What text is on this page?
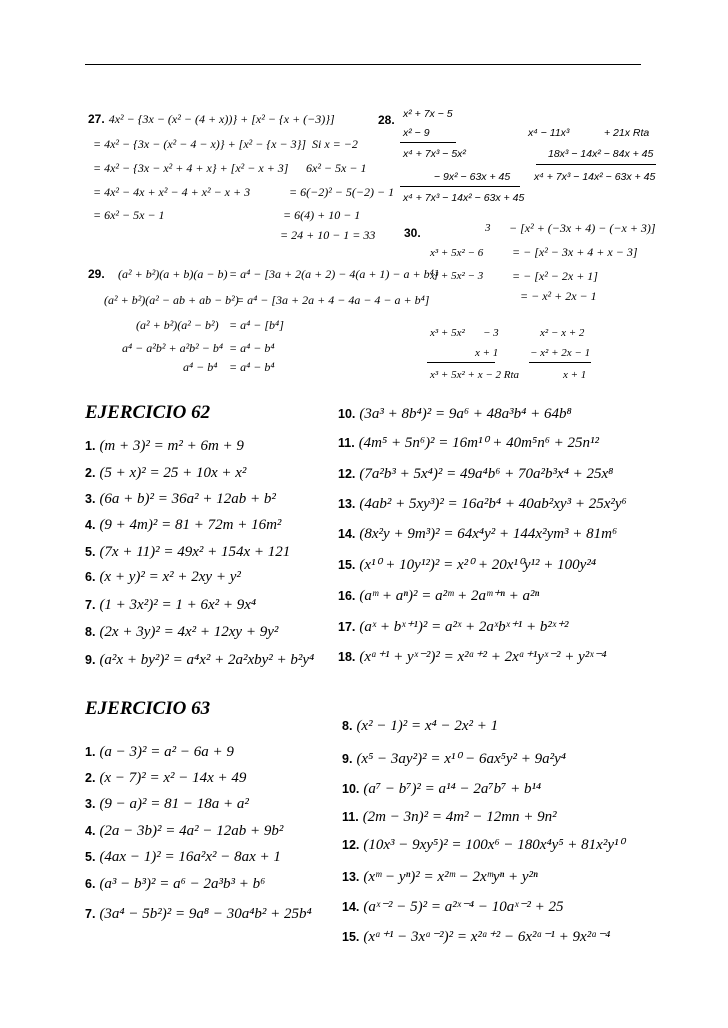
27. 4x² − {3x − (x² − (4 + x))} + [x² − {x + (−3)}]
= 4x² − {3x − (x² − 4 − x)} + [x² − {x − 3}] Si x = −2
= 4x² − {3x − x² + 4 + x} + [x² − x + 3] 6x² − 5x − 1
= 4x² − 4x + x² − 4 + x² − x + 3	= 6(−2)² − 5(−2) − 1
= 6x² − 5x − 1	= 6(4) + 10 − 1
= 24 + 10 − 1 = 33
28. x² + 7x − 5
x² − 9	x⁴ − 11x³	+ 21x Rta
x⁴ + 7x³ − 5x²	18x³ − 14x² − 84x + 45
− 9x² − 63x + 45 x⁴ + 7x³ − 14x² − 63x + 45
x⁴ + 7x³ − 14x² − 63x + 45
30.	3 − [x² + (−3x + 4) − (−x + 3)]
x³ + 5x² − 6 = − [x² − 3x + 4 + x − 3]
x³ + 5x² − 3 = − [x² − 2x + 1]
= − x² + 2x − 1
x³ + 5x² − 3	x² − x + 2
x + 1	− x² + 2x − 1
x³ + 5x² + x − 2 Rta	x + 1
29.	(a² + b²)(a + b)(a − b) = a⁴ − [3a + 2(a + 2) − 4(a + 1) − a + b⁴]
(a² + b²)(a² − ab + ab − b²)
= a⁴ − [3a + 2a + 4 − 4a − 4 − a + b⁴]
(a² + b²)(a² − b²) = a⁴ − [b⁴]
a⁴ − a²b² + a²b² − b⁴ = a⁴ − b⁴
a⁴ − b⁴ = a⁴ − b⁴
EJERCICIO 62
1. (m + 3)² = m² + 6m + 9
2. (5 + x)² = 25 + 10x + x²
3. (6a + b)² = 36a² + 12ab + b²
4. (9 + 4m)² = 81 + 72m + 16m²
5. (7x + 11)² = 49x² + 154x + 121
6. (x + y)² = x² + 2xy + y²
7. (1 + 3x²)² = 1 + 6x² + 9x⁴
8. (2x + 3y)² = 4x² + 12xy + 9y²
9. (a²x + by²)² = a⁴x² + 2a²xby² + b²y⁴
10. (3a³ + 8b⁴)² = 9a⁶ + 48a³b⁴ + 64b⁸
11. (4m⁵ + 5n⁶)² = 16m¹⁰ + 40m⁵n⁶ + 25n¹²
12. (7a²b³ + 5x⁴)² = 49a⁴b⁶ + 70a²b³x⁴ + 25x⁸
13. (4ab² + 5xy³)² = 16a²b⁴ + 40ab²xy³ + 25x²y⁶
14. (8x²y + 9m³)² = 64x⁴y² + 144x²ym³ + 81m⁶
15. (x¹⁰ + 10y¹²)² = x²⁰ + 20x¹⁰y¹² + 100y²⁴
16. (aᵐ + aⁿ)² = a²ᵐ + 2aᵐ⁺ⁿ + a²ⁿ
17. (aˣ + bˣ⁺¹)² = a²ˣ + 2aˣbˣ⁺¹ + b²ˣ⁺²
18. (xᵃ⁺¹ + yˣ⁻²)² = x²ᵃ⁺² + 2xᵃ⁺¹yˣ⁻² + y²ˣ⁻⁴
EJERCICIO 63
1. (a − 3)² = a² − 6a + 9
2. (x − 7)² = x² − 14x + 49
3. (9 − a)² = 81 − 18a + a²
4. (2a − 3b)² = 4a² − 12ab + 9b²
5. (4ax − 1)² = 16a²x² − 8ax + 1
6. (a³ − b³)² = a⁶ − 2a³b³ + b⁶
7. (3a⁴ − 5b²)² = 9a⁸ − 30a⁴b² + 25b⁴
8. (x² − 1)² = x⁴ − 2x² + 1
9. (x⁵ − 3ay²)² = x¹⁰ − 6ax⁵y² + 9a²y⁴
10. (a⁷ − b⁷)² = a¹⁴ − 2a⁷b⁷ + b¹⁴
11. (2m − 3n)² = 4m² − 12mn + 9n²
12. (10x³ − 9xy⁵)² = 100x⁶ − 180x⁴y⁵ + 81x²y¹⁰
13. (xᵐ − yⁿ)² = x²ᵐ − 2xᵐyⁿ + y²ⁿ
14. (aˣ⁻² − 5)² = a²ˣ⁻⁴ − 10aˣ⁻² + 25
15. (xᵃ⁺¹ − 3xᵃ⁻²)² = x²ᵃ⁺² − 6x²ᵃ⁻¹ + 9x²ᵃ⁻⁴
